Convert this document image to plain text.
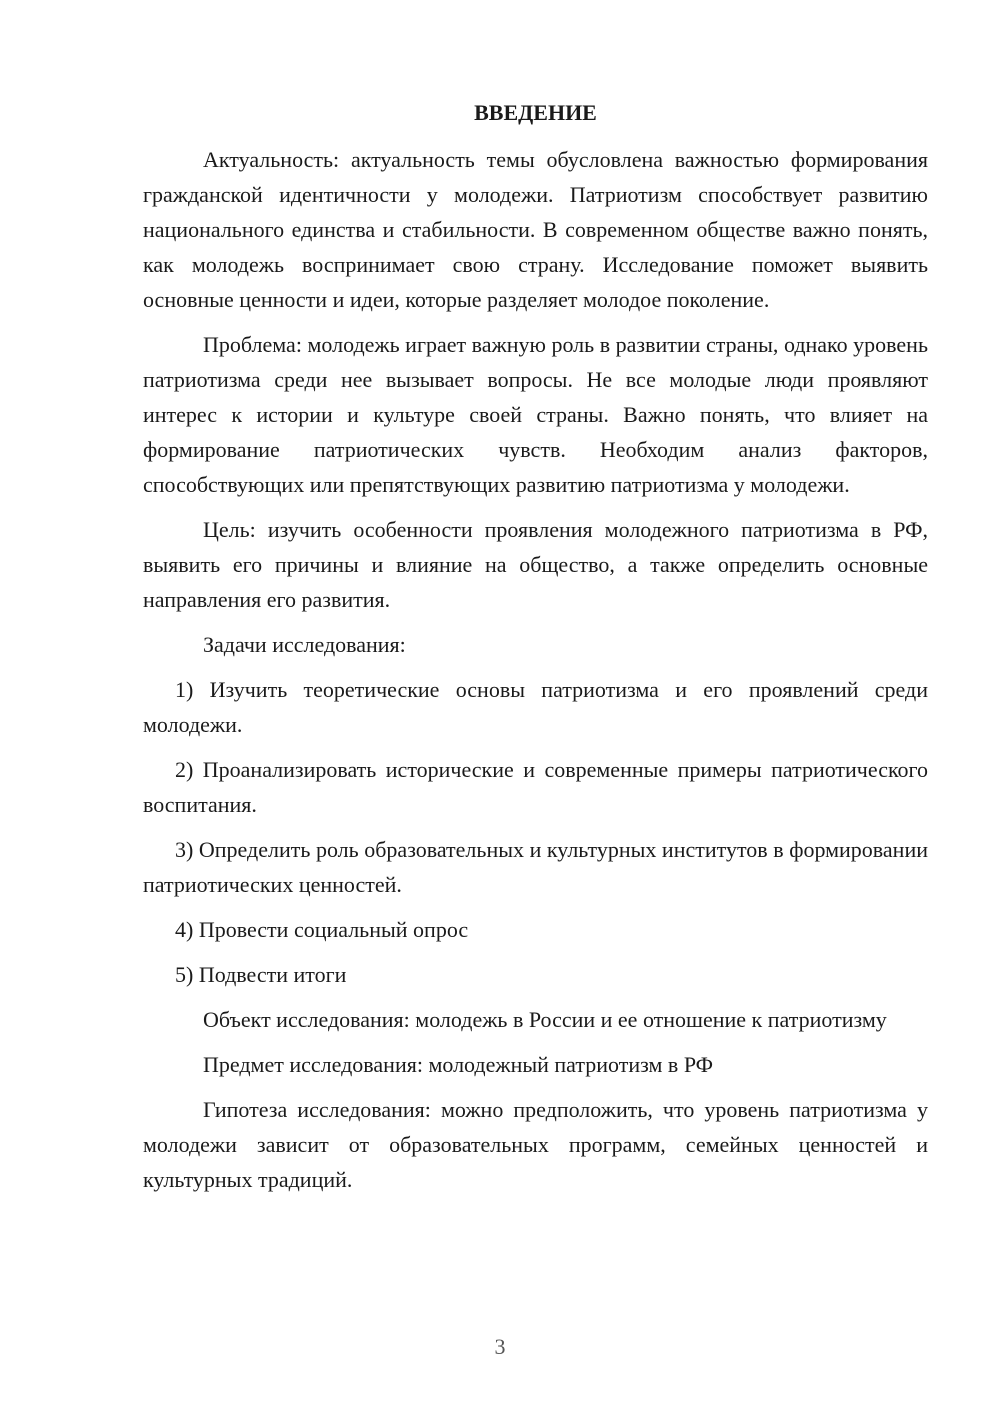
ВВЕДЕНИЕ

Актуальность: актуальность темы обусловлена важностью формирования гражданской идентичности у молодежи. Патриотизм способствует развитию национального единства и стабильности. В современном обществе важно понять, как молодежь воспринимает свою страну. Исследование поможет выявить основные ценности и идеи, которые разделяет молодое поколение.

Проблема: молодежь играет важную роль в развитии страны, однако уровень патриотизма среди нее вызывает вопросы. Не все молодые люди проявляют интерес к истории и культуре своей страны. Важно понять, что влияет на формирование патриотических чувств. Необходим анализ факторов, способствующих или препятствующих развитию патриотизма у молодежи.

Цель: изучить особенности проявления молодежного патриотизма в РФ, выявить его причины и влияние на общество, а также определить основные направления его развития.

Задачи исследования:

1) Изучить теоретические основы патриотизма и его проявлений среди молодежи.

2) Проанализировать исторические и современные примеры патриотического воспитания.

3) Определить роль образовательных и культурных институтов в формировании патриотических ценностей.

4) Провести социальный опрос

5) Подвести итоги

Объект исследования: молодежь в России и ее отношение к патриотизму

Предмет исследования: молодежный патриотизм в РФ

Гипотеза исследования: можно предположить, что уровень патриотизма у молодежи зависит от образовательных программ, семейных ценностей и культурных традиций.

3
